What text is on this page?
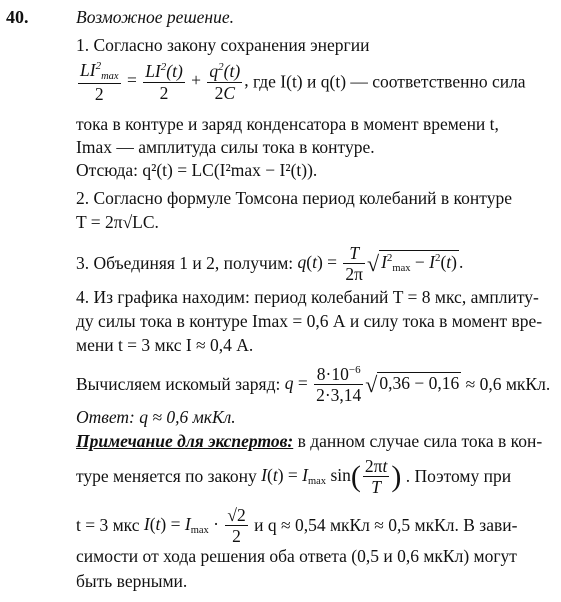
40.	Возможное решение.
1. Согласно закону сохранения энергии
$\frac{LI^2_{max}}{2} = \frac{LI^2(t)}{2} + \frac{q^2(t)}{2C}$ , где I(t) и q(t) — соответственно сила
тока в контуре и заряд конденсатора в момент времени t,
Imax — амплитуда силы тока в контуре.
Отсюда: q²(t) = LC(I²max − I²(t)).
2. Согласно формуле Томсона период колебаний в контуре
T = 2π√LC.
3. Объединяя 1 и 2, получим: $q(t) = \frac{T}{2\pi}$ √ $I^2_{max} - I^2(t)$ .
4. Из графика находим: период колебаний T = 8 мкс, амплиту-
ду силы тока в контуре Imax = 0,6 А и силу тока в момент вре-
мени t = 3 мкс I ≈ 0,4 А.
Вычисляем искомый заряд: $q = \frac{8\cdot 10^{-6}}{2\cdot 3,14}$ √ 0,36 − 0,16 ≈ 0,6 мкКл.
Ответ: q ≈ 0,6 мкКл.
Примечание для экспертов: в данном случае сила тока в кон-
туре меняется по закону $I(t) = I_{max}$ $\sin( \frac{2\pi t}{T}$ ) . Поэтому при
t = 3 мкс $I(t) = I_{max} \cdot \frac{√2}{2}$ и q ≈ 0,54 мкКл ≈ 0,5 мкКл. В зави-
симости от хода решения оба ответа (0,5 и 0,6 мкКл) могут
быть верными.
